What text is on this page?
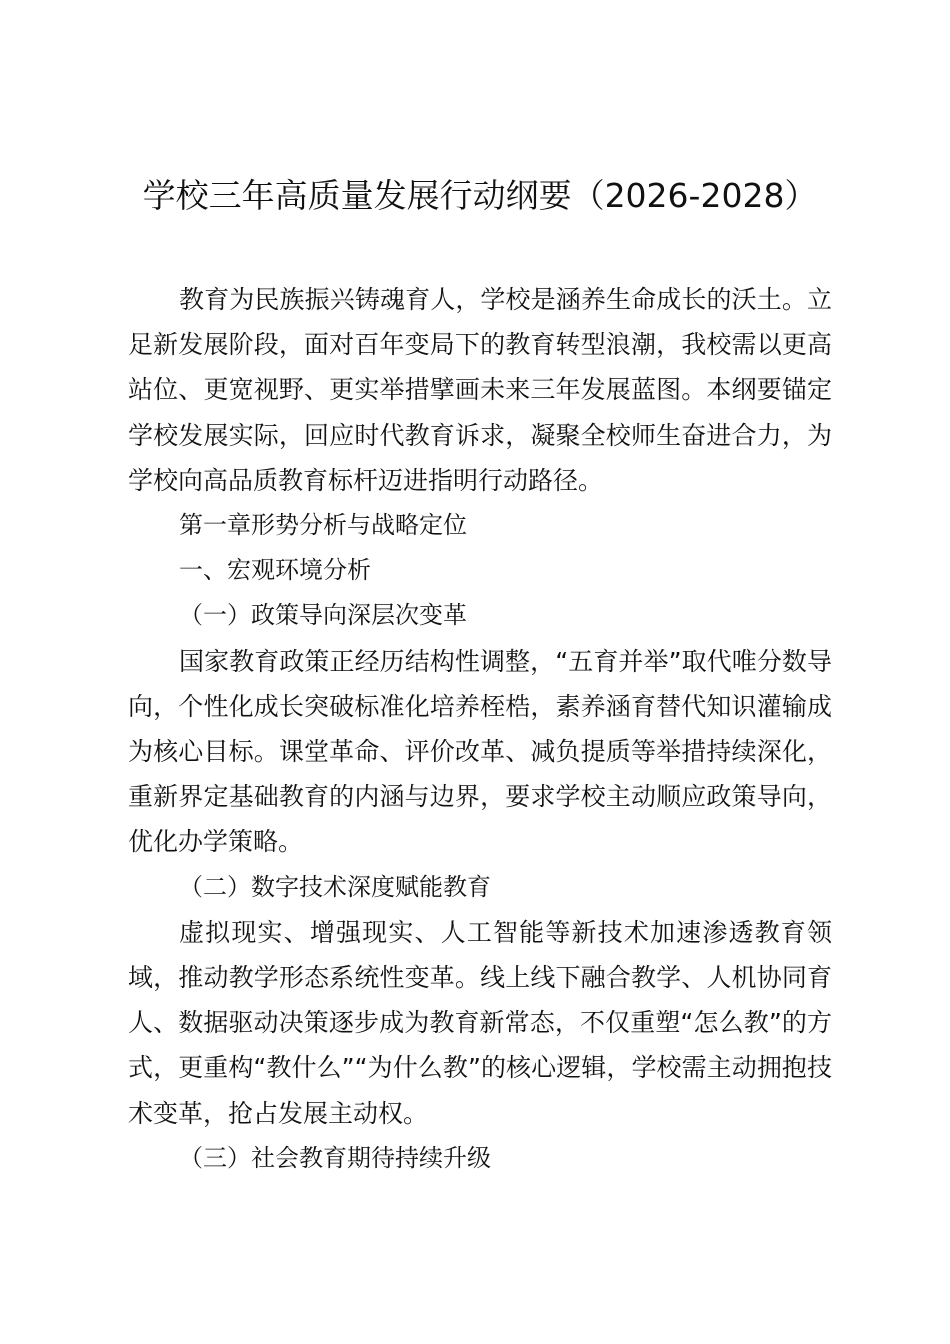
学校三年高质量发展行动纲要（2026-2028）

教育为民族振兴铸魂育人，学校是涵养生命成长的沃土。立足新发展阶段，面对百年变局下的教育转型浪潮，我校需以更高站位、更宽视野、更实举措擘画未来三年发展蓝图。本纲要锚定学校发展实际，回应时代教育诉求，凝聚全校师生奋进合力，为学校向高品质教育标杆迈进指明行动路径。

第一章形势分析与战略定位

一、宏观环境分析

（一）政策导向深层次变革

国家教育政策正经历结构性调整，“五育并举”取代唯分数导向，个性化成长突破标准化培养桎梏，素养涵育替代知识灌输成为核心目标。课堂革命、评价改革、减负提质等举措持续深化，重新界定基础教育的内涵与边界，要求学校主动顺应政策导向，优化办学策略。

（二）数字技术深度赋能教育

虚拟现实、增强现实、人工智能等新技术加速渗透教育领域，推动教学形态系统性变革。线上线下融合教学、人机协同育人、数据驱动决策逐步成为教育新常态，不仅重塑“怎么教”的方式，更重构“教什么”“为什么教”的核心逻辑，学校需主动拥抱技术变革，抢占发展主动权。

（三）社会教育期待持续升级
